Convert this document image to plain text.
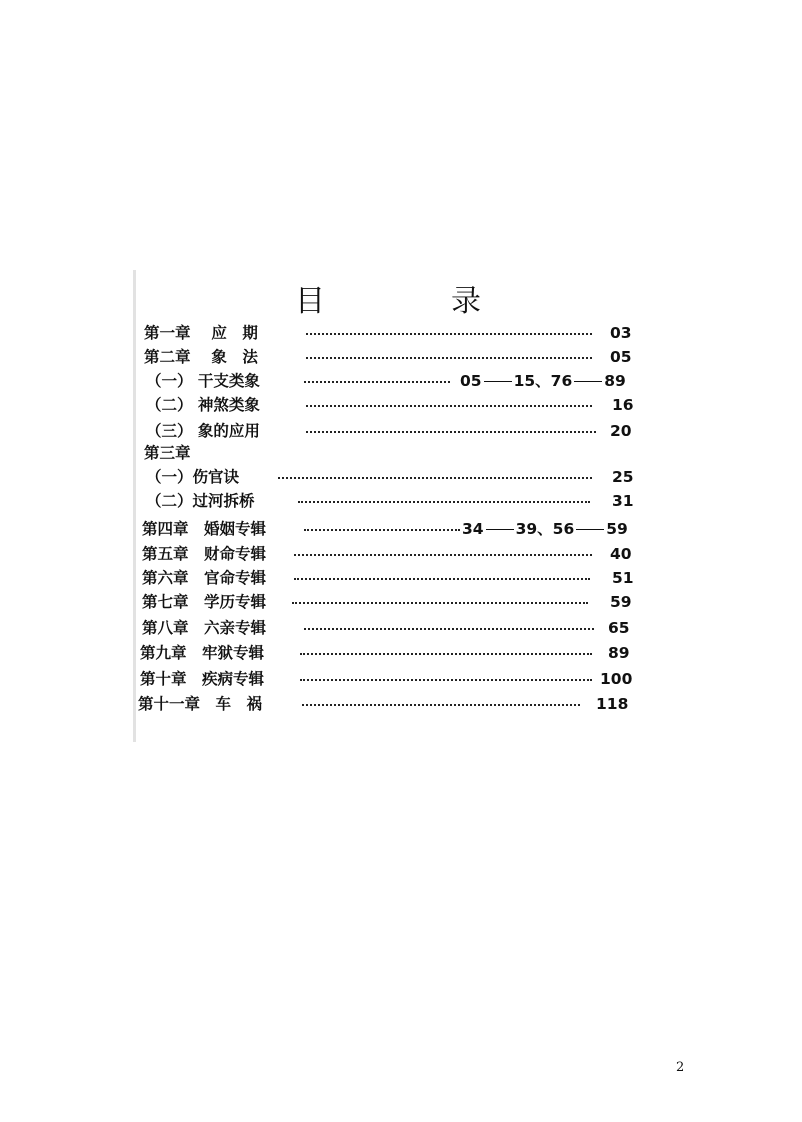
目　录
第一章　 应　期	03
第二章　 象　法	05
（一） 干支类象	05 15、76 89
（二） 神煞类象	16
（三） 象的应用	20
第三章
（一）伤官诀	25
（二）过河拆桥	31
第四章　婚姻专辑	34 39、56 59
第五章　财命专辑	40
第六章　官命专辑	51
第七章　学历专辑	59
第八章　六亲专辑	65
第九章　牢狱专辑	89
第十章　疾病专辑	100
第十一章　车　祸	118
2
